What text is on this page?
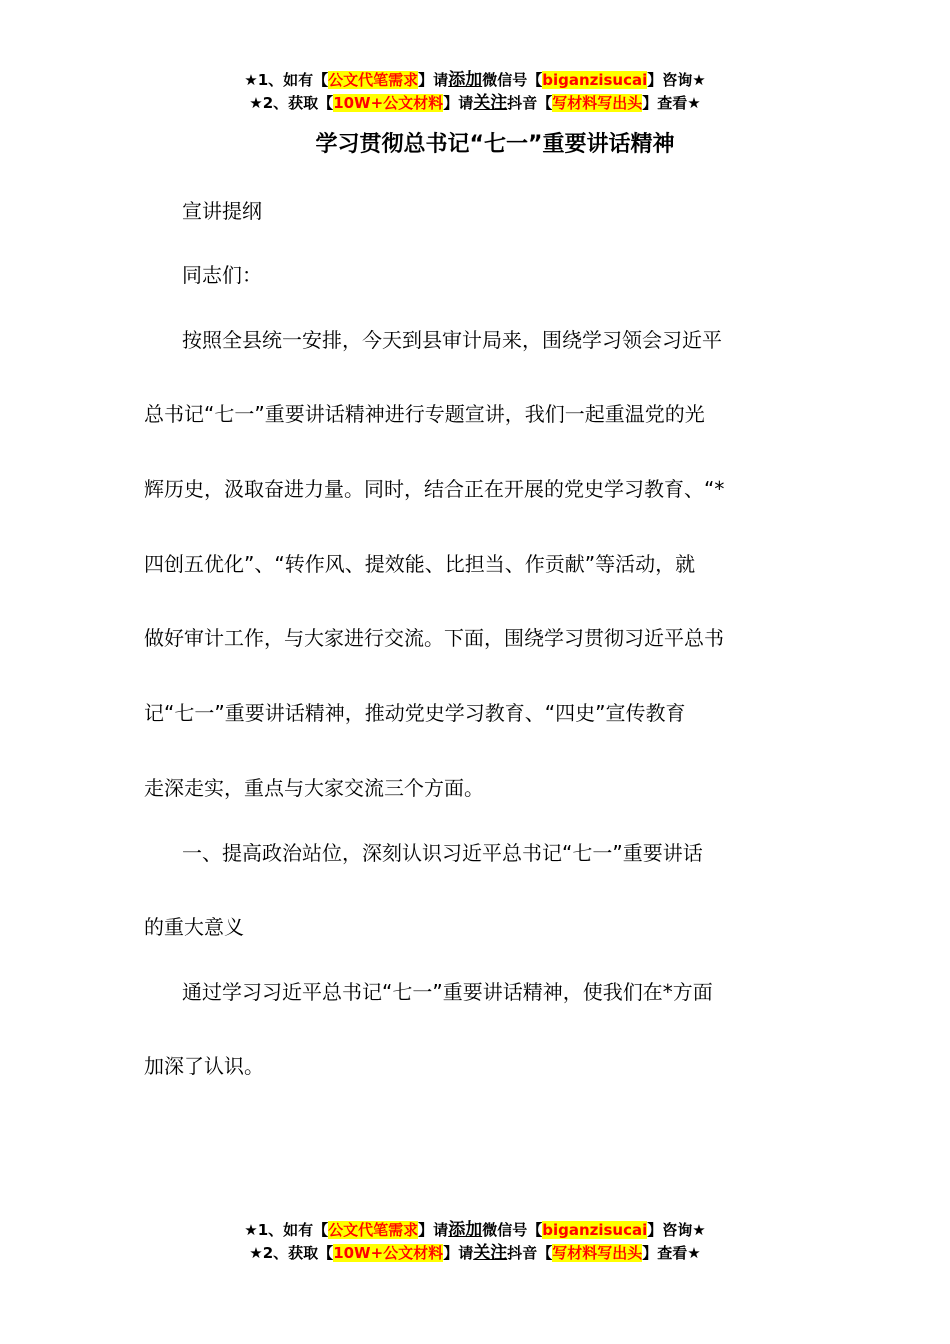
★1、如有【公文代笔需求】请添加微信号【biganzisucai】咨询★
★2、获取【10W+公文材料】请关注抖音【写材料写出头】查看★
学习贯彻总书记“七一”重要讲话精神
宣讲提纲
同志们：
按照全县统一安排，今天到县审计局来，围绕学习领会习近平
总书记“七一”重要讲话精神进行专题宣讲，我们一起重温党的光
辉历史，汲取奋进力量。同时，结合正在开展的党史学习教育、“*
四创五优化”、“转作风、提效能、比担当、作贡献”等活动，就
做好审计工作，与大家进行交流。下面，围绕学习贯彻习近平总书
记“七一”重要讲话精神，推动党史学习教育、“四史”宣传教育
走深走实，重点与大家交流三个方面。
一、提高政治站位，深刻认识习近平总书记“七一”重要讲话
的重大意义
通过学习习近平总书记“七一”重要讲话精神，使我们在*方面
加深了认识。
★1、如有【公文代笔需求】请添加微信号【biganzisucai】咨询★
★2、获取【10W+公文材料】请关注抖音【写材料写出头】查看★
